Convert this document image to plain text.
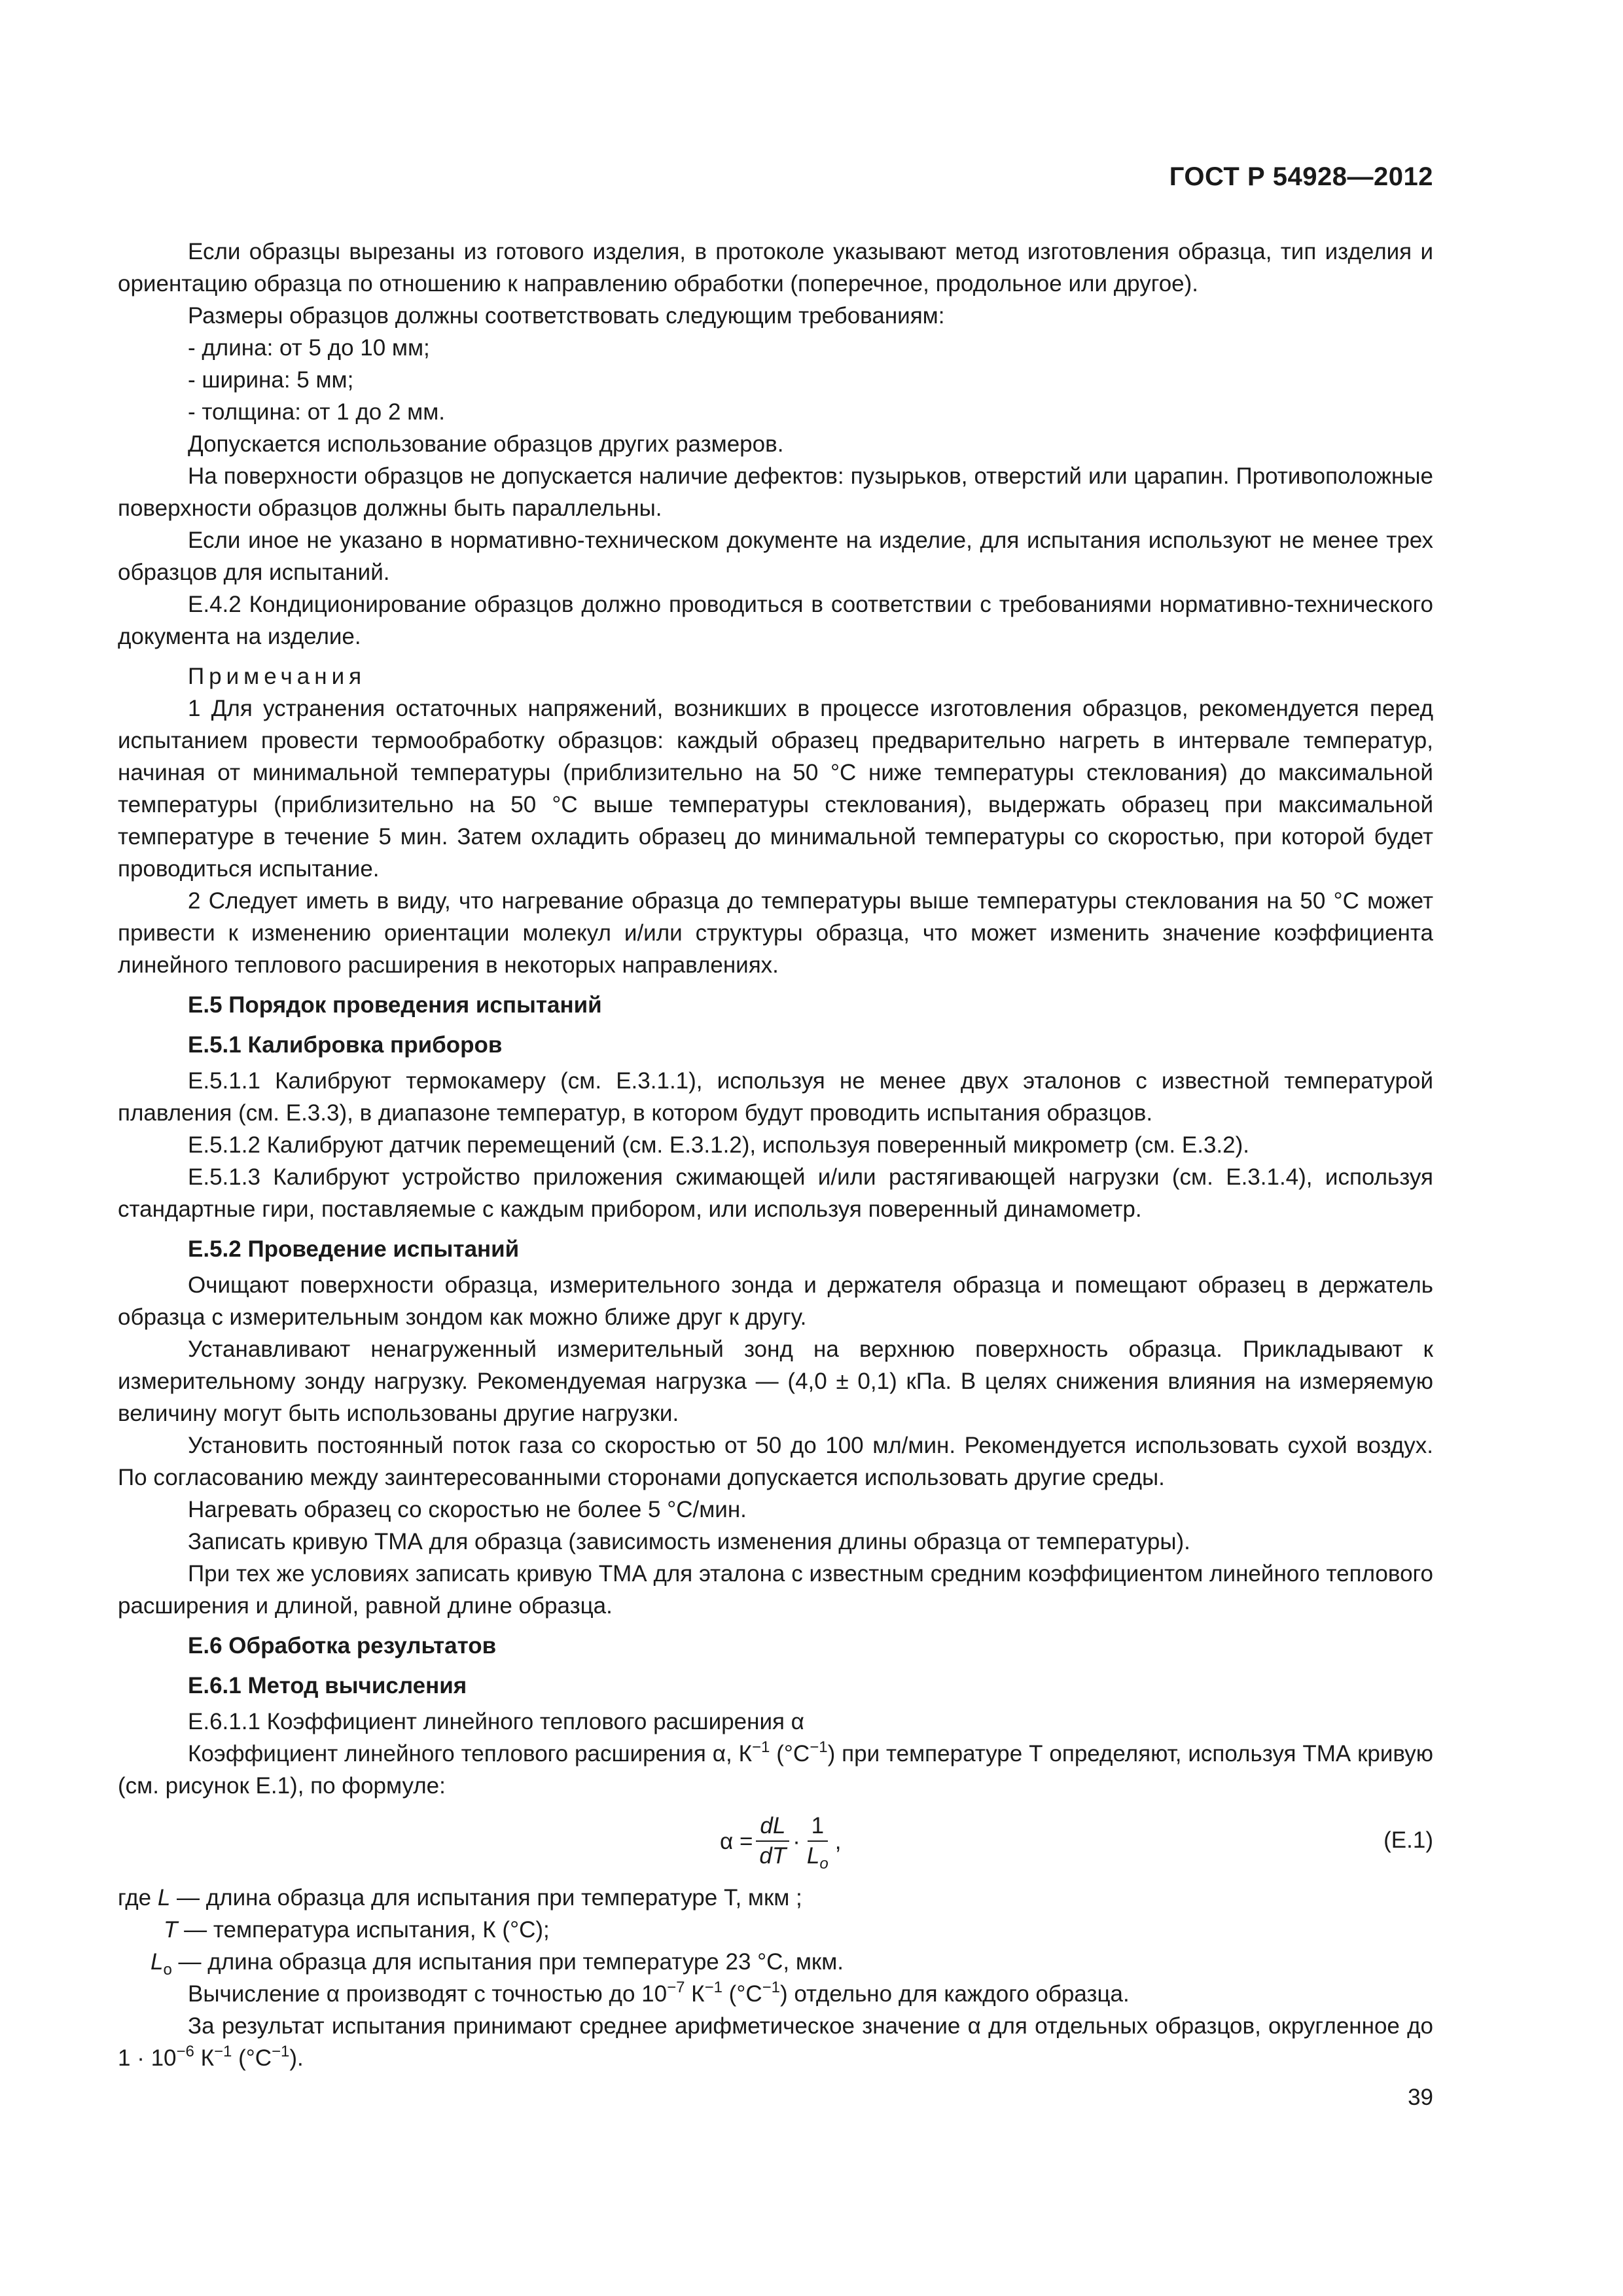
ГОСТ Р 54928—2012

Если образцы вырезаны из готового изделия, в протоколе указывают метод изготовления образца, тип изделия и ориентацию образца по отношению к направлению обработки (поперечное, продольное или другое).

Размеры образцов должны соответствовать следующим требованиям:

- длина: от 5 до 10 мм;

- ширина: 5 мм;

- толщина: от 1 до 2 мм.

Допускается использование образцов других размеров.

На поверхности образцов не допускается наличие дефектов: пузырьков, отверстий или царапин. Противоположные поверхности образцов должны быть параллельны.

Если иное не указано в нормативно-техническом документе на изделие, для испытания используют не менее трех образцов для испытаний.

Е.4.2 Кондиционирование образцов должно проводиться в соответствии с требованиями нормативно-технического документа на изделие.

Примечания

1 Для устранения остаточных напряжений, возникших в процессе изготовления образцов, рекомендуется перед испытанием провести термообработку образцов: каждый образец предварительно нагреть в интервале температур, начиная от минимальной температуры (приблизительно на 50 °С ниже температуры стеклования) до максимальной температуры (приблизительно на 50 °С выше температуры стеклования), выдержать образец при максимальной температуре в течение 5 мин. Затем охладить образец до минимальной температуры со скоростью, при которой будет проводиться испытание.

2 Следует иметь в виду, что нагревание образца до температуры выше температуры стеклования на 50 °С может привести к изменению ориентации молекул и/или структуры образца, что может изменить значение коэффициента линейного теплового расширения в некоторых направлениях.

Е.5 Порядок проведения испытаний
Е.5.1 Калибровка приборов

Е.5.1.1 Калибруют термокамеру (см. Е.3.1.1), используя не менее двух эталонов с известной температурой плавления (см. Е.3.3), в диапазоне температур, в котором будут проводить испытания образцов.

Е.5.1.2 Калибруют датчик перемещений (см. Е.3.1.2), используя поверенный микрометр (см. Е.3.2).

Е.5.1.3 Калибруют устройство приложения сжимающей и/или растягивающей нагрузки (см. Е.3.1.4), используя стандартные гири, поставляемые с каждым прибором, или используя поверенный динамометр.

Е.5.2 Проведение испытаний

Очищают поверхности образца, измерительного зонда и держателя образца и помещают образец в держатель образца с измерительным зондом как можно ближе друг к другу.

Устанавливают ненагруженный измерительный зонд на верхнюю поверхность образца. Прикладывают к измерительному зонду нагрузку. Рекомендуемая нагрузка — (4,0 ± 0,1) кПа. В целях снижения влияния на измеряемую величину могут быть использованы другие нагрузки.

Установить постоянный поток газа со скоростью от 50 до 100 мл/мин. Рекомендуется использовать сухой воздух. По согласованию между заинтересованными сторонами допускается использовать другие среды.

Нагревать образец со скоростью не более 5 °С/мин.

Записать кривую ТМА для образца (зависимость изменения длины образца от температуры).

При тех же условиях записать кривую ТМА для эталона с известным средним коэффициентом линейного теплового расширения и длиной, равной длине образца.

Е.6 Обработка результатов
Е.6.1 Метод вычисления

Е.6.1.1 Коэффициент линейного теплового расширения α

Коэффициент линейного теплового расширения α, $К^{-1}$ $(^\circ С^{-1})$ при температуре Т определяют, используя ТМА кривую (см. рисунок Е.1), по формуле:

$\alpha = \frac{dL}{dT} \cdot \frac{1}{L_o}$ ,	(Е.1)

где L — длина образца для испытания при температуре Т, мкм ;

T — температура испытания, К (°С);

$L_o$ — длина образца для испытания при температуре 23 °С, мкм.

Вычисление α производят с точностью до $10^{-7}$ $К^{-1}$ $(^\circ С^{-1})$ отдельно для каждого образца.

За результат испытания принимают среднее арифметическое значение α для отдельных образцов, округленное до $1 \cdot 10^{-6}$ $К^{-1}$ $(^\circ С^{-1})$.

39
